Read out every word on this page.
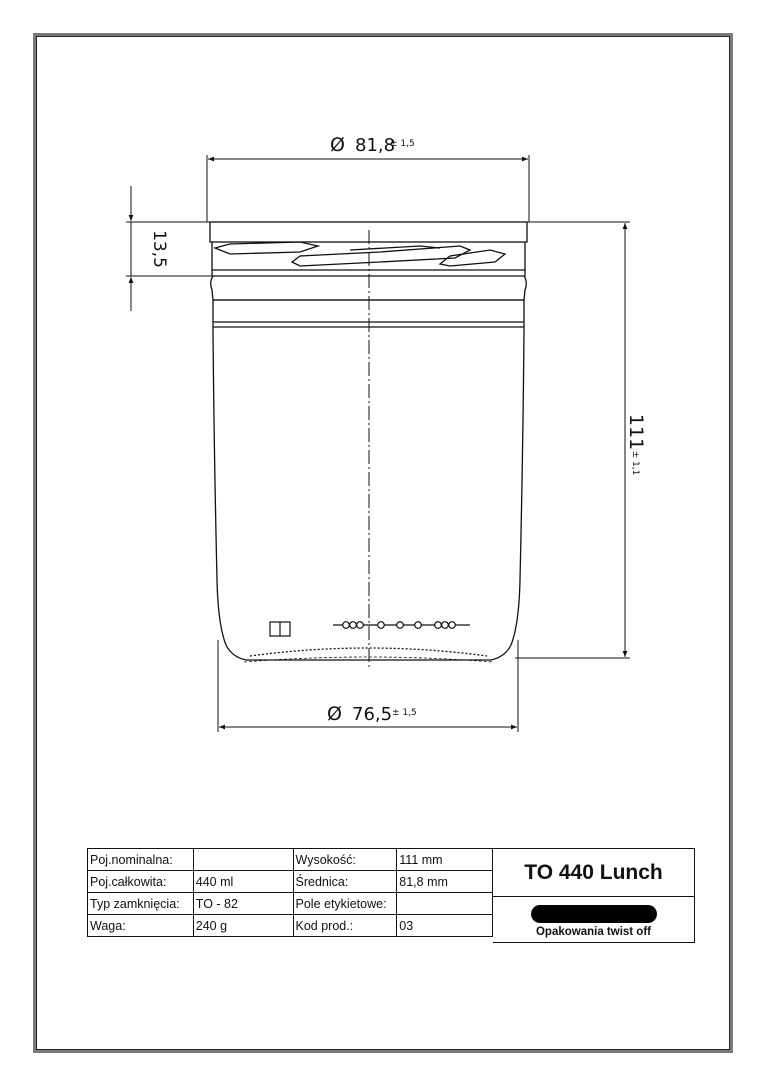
Ø 81,8
± 1,5
13,5
111
± 1,1
Ø 76,5 ± 1,5
Poj.nominalna:		Wysokość:	111 mm
Poj.całkowita:	440 ml	Średnica:	81,8 mm
Typ zamknięcia:	TO - 82	Pole etykietowe:	
Waga:	240 g	Kod prod.:	03
TO 440 Lunch
Opakowania twist off
